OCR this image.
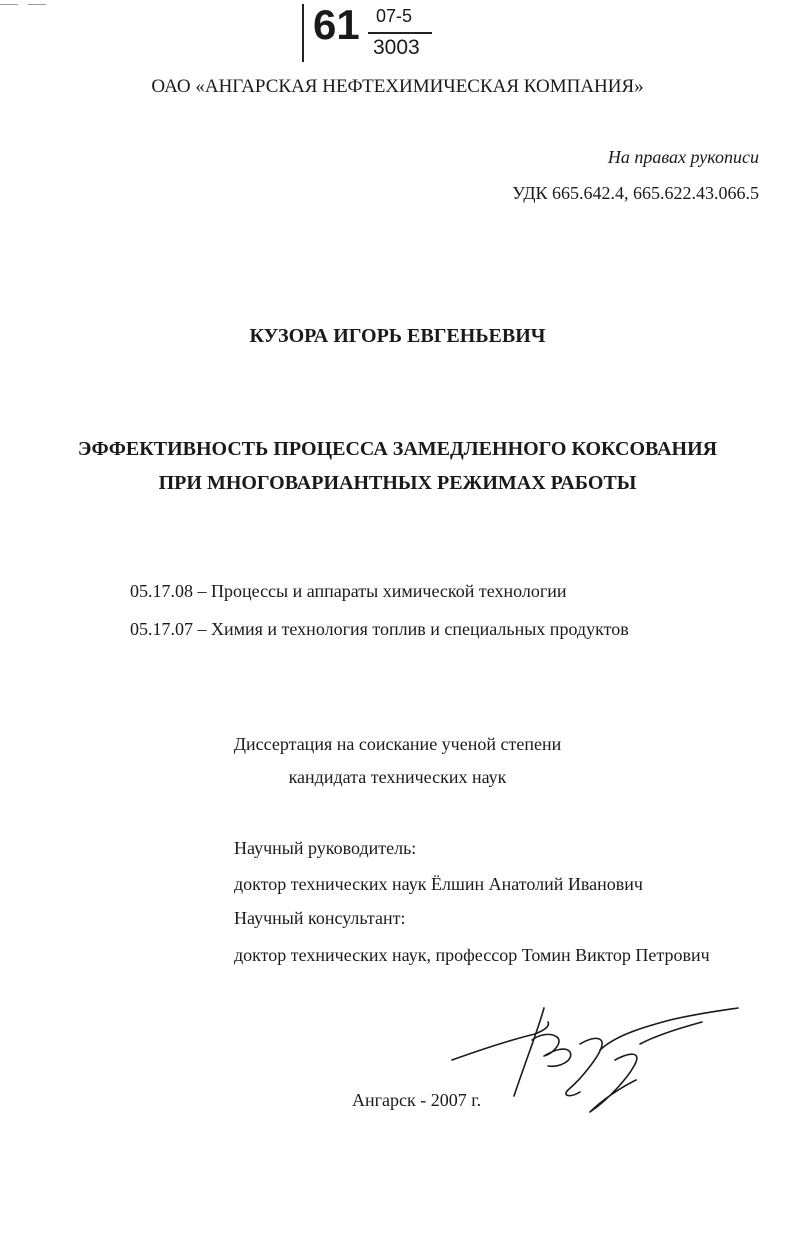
61 07-5

3003

ОАО «АНГАРСКАЯ НЕФТЕХИМИЧЕСКАЯ КОМПАНИЯ»

На правах рукописи

УДК 665.642.4, 665.622.43.066.5

КУЗОРА ИГОРЬ ЕВГЕНЬЕВИЧ

ЭФФЕКТИВНОСТЬ ПРОЦЕССА ЗАМЕДЛЕННОГО КОКСОВАНИЯ
ПРИ МНОГОВАРИАНТНЫХ РЕЖИМАХ РАБОТЫ

05.17.08 – Процессы и аппараты химической технологии

05.17.07 – Химия и технология топлив и специальных продуктов

Диссертация на соискание ученой степени
кандидата технических наук

Научный руководитель:

доктор технических наук Ёлшин Анатолий Иванович

Научный консультант:

доктор технических наук, профессор Томин Виктор Петрович

Ангарск - 2007 г.
